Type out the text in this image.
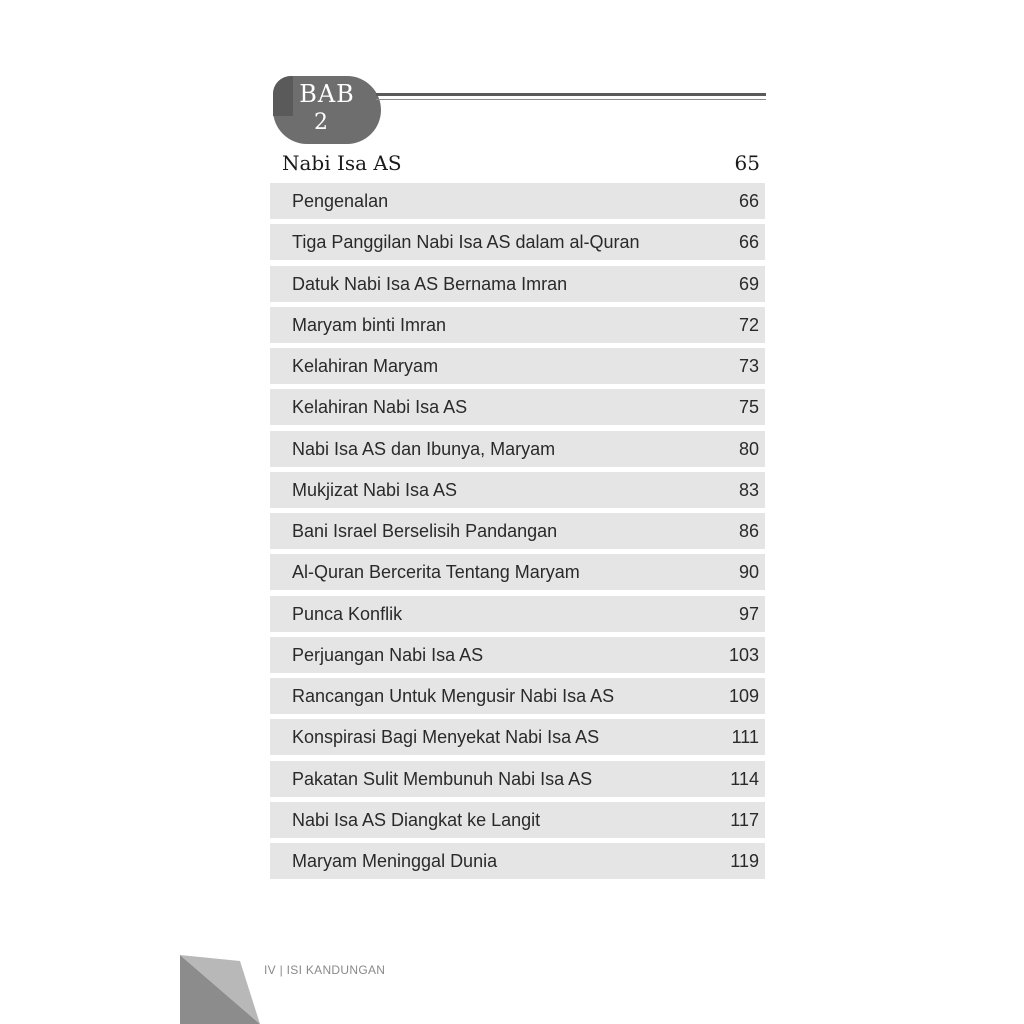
BAB
2
Nabi Isa AS	65
Pengenalan	66
Tiga Panggilan Nabi Isa AS dalam al-Quran	66
Datuk Nabi Isa AS Bernama Imran	69
Maryam binti Imran	72
Kelahiran Maryam	73
Kelahiran Nabi Isa AS	75
Nabi Isa AS dan Ibunya, Maryam	80
Mukjizat Nabi Isa AS	83
Bani Israel Berselisih Pandangan	86
Al-Quran Bercerita Tentang Maryam	90
Punca Konflik	97
Perjuangan Nabi Isa AS	103
Rancangan Untuk Mengusir Nabi Isa AS	109
Konspirasi Bagi Menyekat Nabi Isa AS	111
Pakatan Sulit Membunuh Nabi Isa AS	114
Nabi Isa AS Diangkat ke Langit	117
Maryam Meninggal Dunia	119
IV | ISI KANDUNGAN
